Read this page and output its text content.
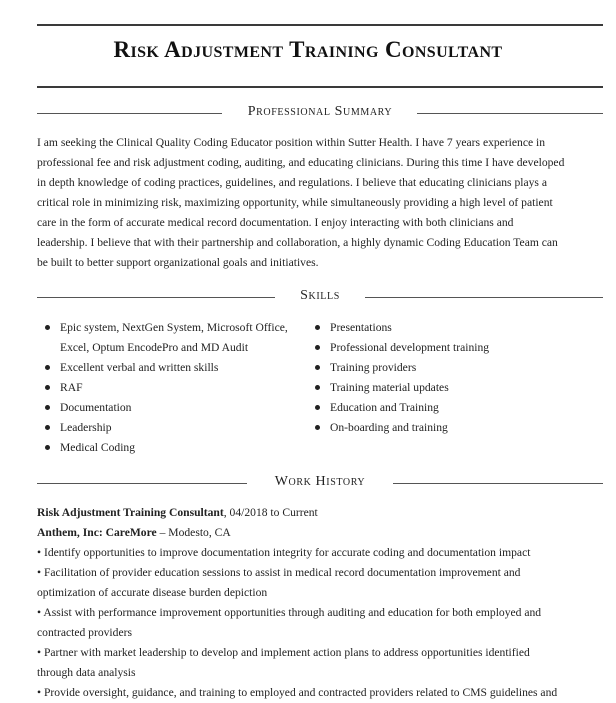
Risk Adjustment Training Consultant
Professional Summary
I am seeking the Clinical Quality Coding Educator position within Sutter Health. I have 7 years experience in
professional fee and risk adjustment coding, auditing, and educating clinicians. During this time I have developed
in depth knowledge of coding practices, guidelines, and regulations. I believe that educating clinicians plays a
critical role in minimizing risk, maximizing opportunity, while simultaneously providing a high level of patient
care in the form of accurate medical record documentation. I enjoy interacting with both clinicians and
leadership. I believe that with their partnership and collaboration, a highly dynamic Coding Education Team can
be built to better support organizational goals and initiatives.
Skills
Epic system, NextGen System, Microsoft Office,
Excel, Optum EncodePro and MD Audit
Excellent verbal and written skills
RAF
Documentation
Leadership
Medical Coding
Presentations
Professional development training
Training providers
Training material updates
Education and Training
On-boarding and training
Work History

Risk Adjustment Training Consultant, 04/2018 to Current

Anthem, Inc: CareMore – Modesto, CA

• Identify opportunities to improve documentation integrity for accurate coding and documentation impact

• Facilitation of provider education sessions to assist in medical record documentation improvement and

optimization of accurate disease burden depiction

• Assist with performance improvement opportunities through auditing and education for both employed and

contracted providers

• Partner with market leadership to develop and implement action plans to address opportunities identified

through data analysis

• Provide oversight, guidance, and training to employed and contracted providers related to CMS guidelines and
